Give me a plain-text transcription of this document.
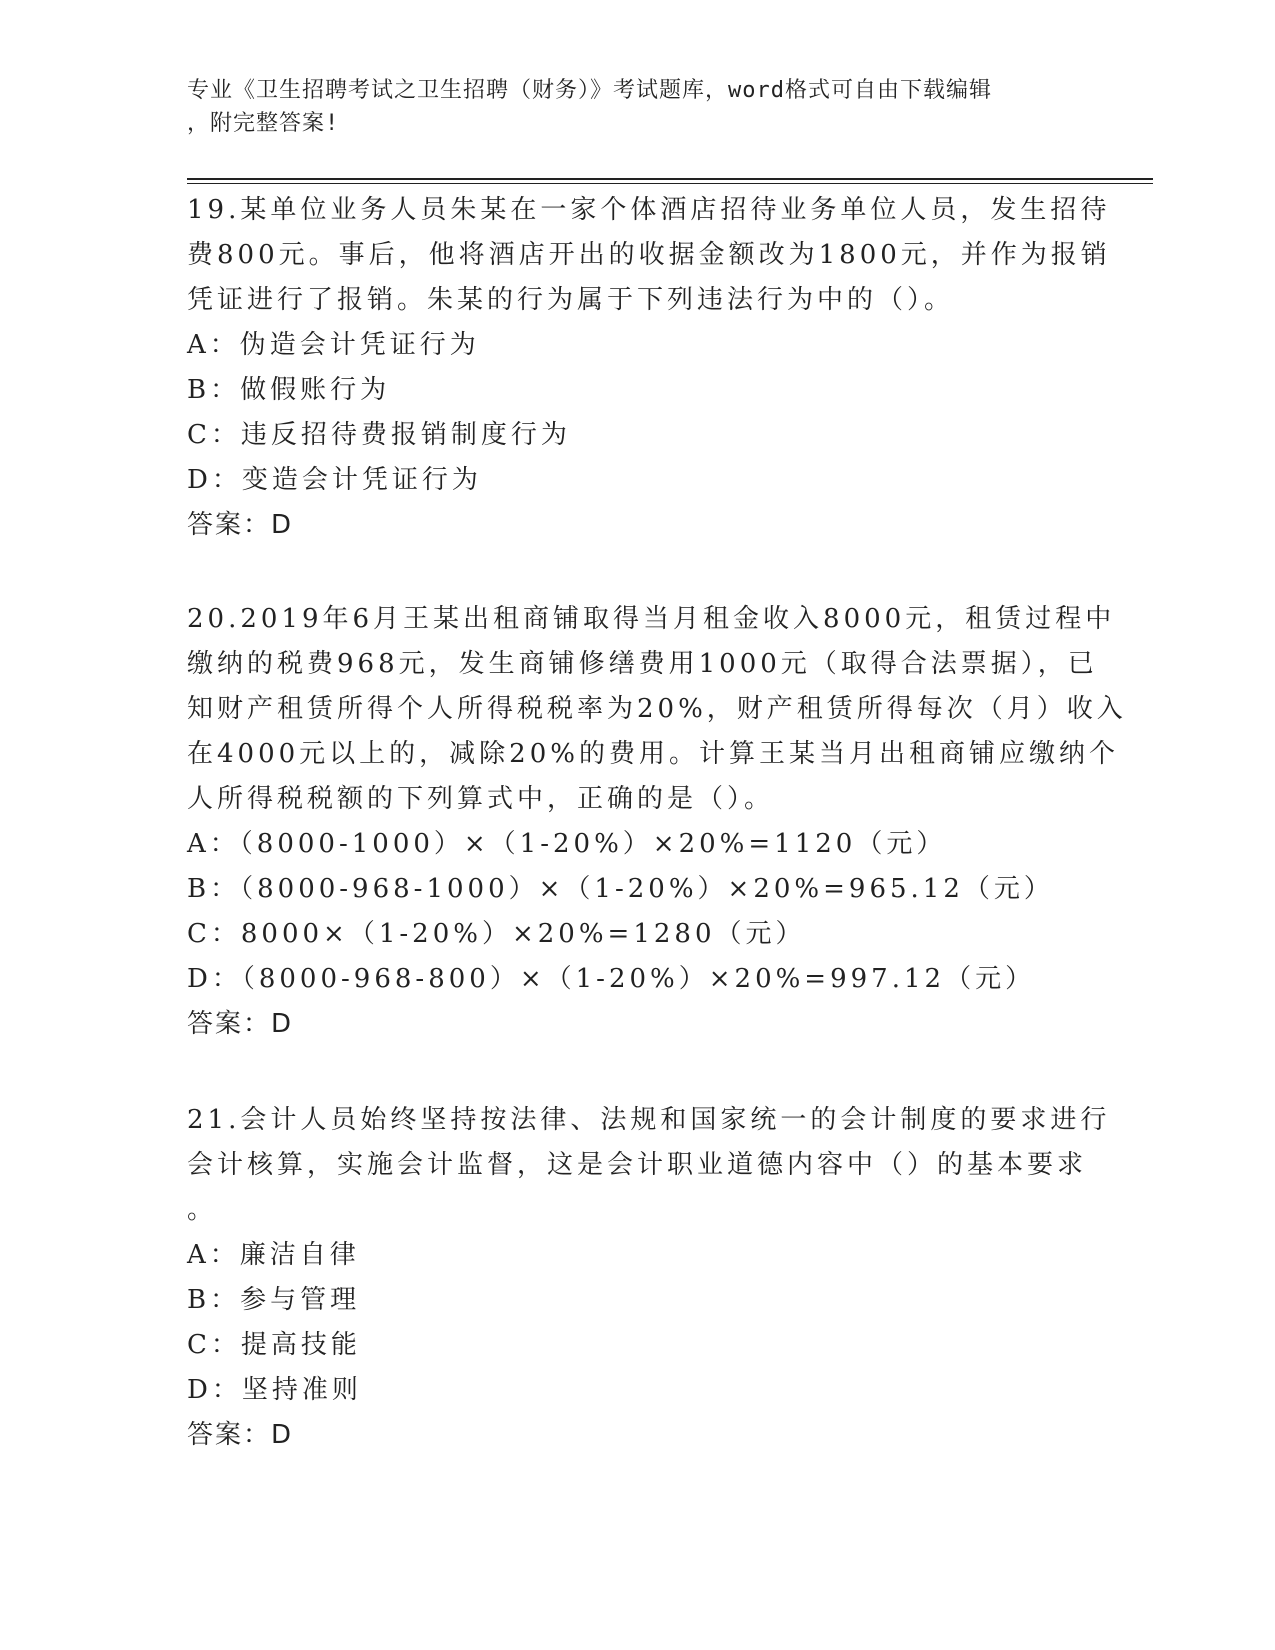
专业《卫生招聘考试之卫生招聘（财务）》考试题库，word格式可自由下载编辑
，附完整答案!
19.某单位业务人员朱某在一家个体酒店招待业务单位人员，发生招待
费800元。事后，他将酒店开出的收据金额改为1800元，并作为报销
凭证进行了报销。朱某的行为属于下列违法行为中的（）。
A：伪造会计凭证行为
B：做假账行为
C：违反招待费报销制度行为
D：变造会计凭证行为
答案：D
20.2019年6月王某出租商铺取得当月租金收入8000元，租赁过程中
缴纳的税费968元，发生商铺修缮费用1000元（取得合法票据），已
知财产租赁所得个人所得税税率为20%，财产租赁所得每次（月）收入
在4000元以上的，减除20%的费用。计算王某当月出租商铺应缴纳个
人所得税税额的下列算式中，正确的是（）。
A：（8000-1000）×（1-20%）×20%=1120（元）
B：（8000-968-1000）×（1-20%）×20%=965.12（元）
C：8000×（1-20%）×20%=1280（元）
D：（8000-968-800）×（1-20%）×20%=997.12（元）
答案：D
21.会计人员始终坚持按法律、法规和国家统一的会计制度的要求进行
会计核算，实施会计监督，这是会计职业道德内容中（）的基本要求
。
A：廉洁自律
B：参与管理
C：提高技能
D：坚持准则
答案：D
